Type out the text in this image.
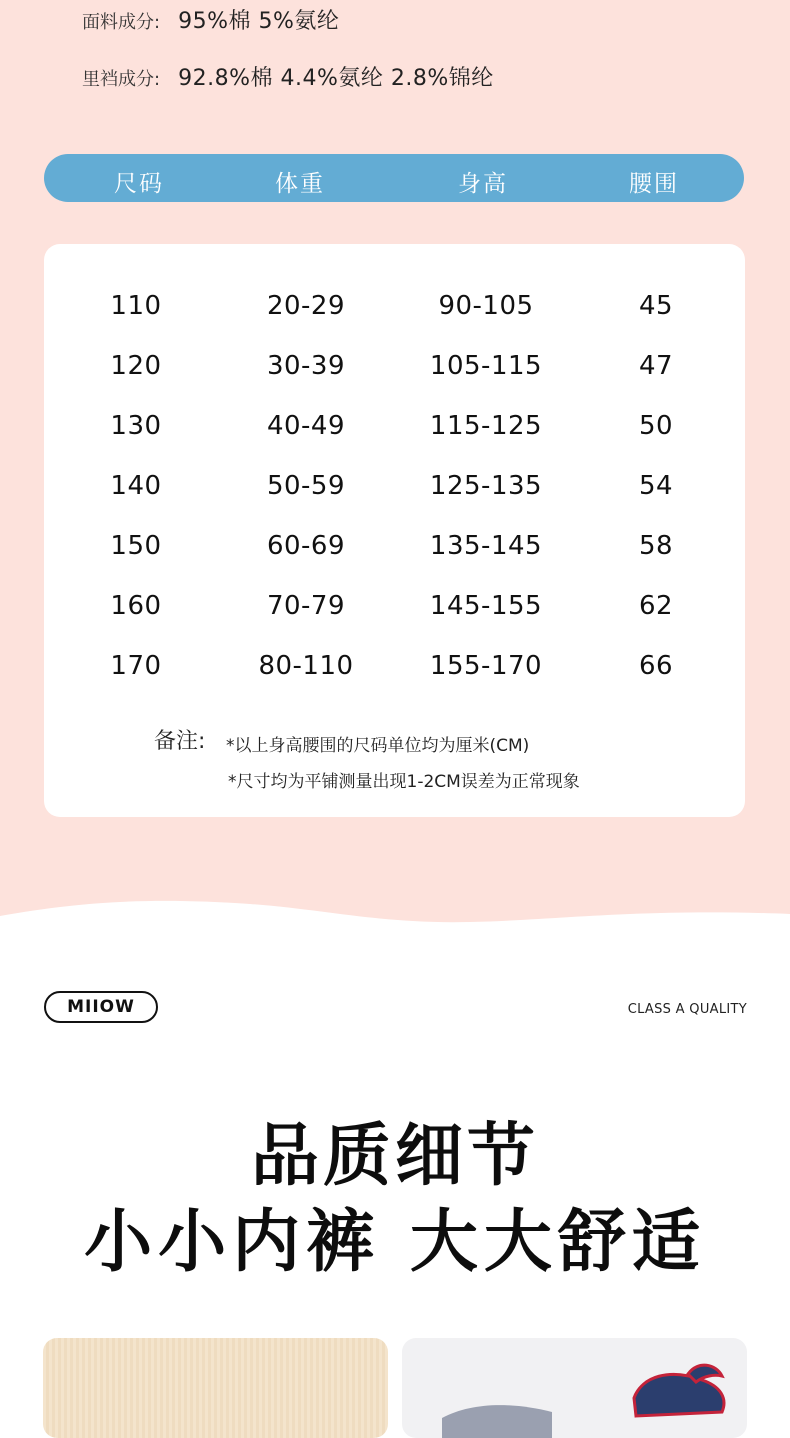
面料成分: 95%棉 5%氨纶
里裆成分: 92.8%棉 4.4%氨纶 2.8%锦纶
尺码	体重	身高	腰围
110	20-29	90-105	45
120	30-39	105-115	47
130	40-49	115-125	50
140	50-59	125-135	54
150	60-69	135-145	58
160	70-79	145-155	62
170	80-110	155-170	66
备注: *以上身高腰围的尺码单位均为厘米(CM)
*尺寸均为平铺测量出现1-2CM误差为正常现象
MIIOW	CLASS A QUALITY
品质细节
小小内裤 大大舒适
